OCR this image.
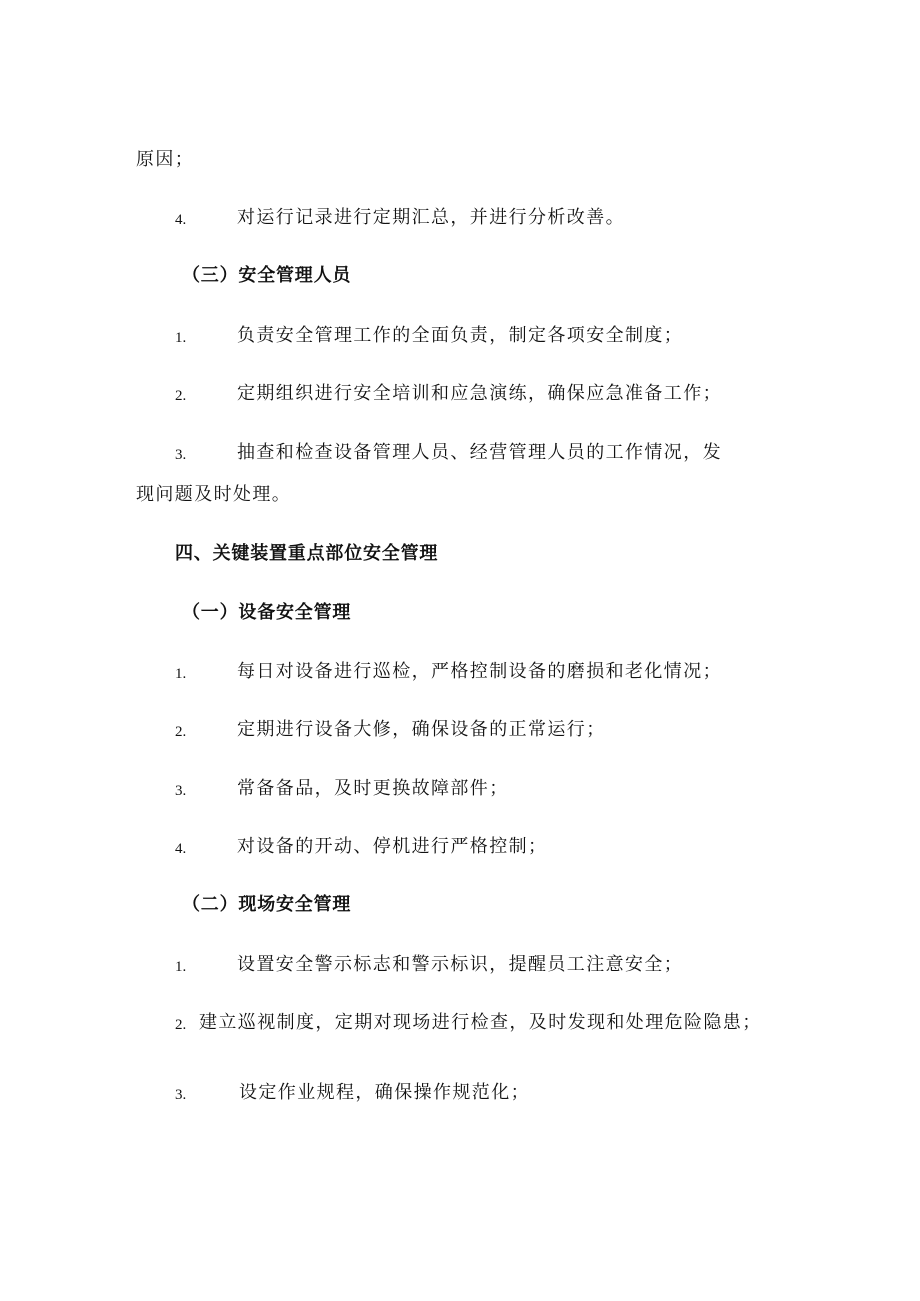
原因；
4.	对运行记录进行定期汇总，并进行分析改善。
（三）安全管理人员
1.	负责安全管理工作的全面负责，制定各项安全制度；
2.	定期组织进行安全培训和应急演练，确保应急准备工作；
3.	抽查和检查设备管理人员、经营管理人员的工作情况，发
现问题及时处理。
四、关键装置重点部位安全管理
（一）设备安全管理
1.	每日对设备进行巡检，严格控制设备的磨损和老化情况；
2.	定期进行设备大修，确保设备的正常运行；
3.	常备备品，及时更换故障部件；
4.	对设备的开动、停机进行严格控制；
（二）现场安全管理
1.	设置安全警示标志和警示标识，提醒员工注意安全；
2. 建立巡视制度，定期对现场进行检查，及时发现和处理危险隐患；
3.	设定作业规程，确保操作规范化；
